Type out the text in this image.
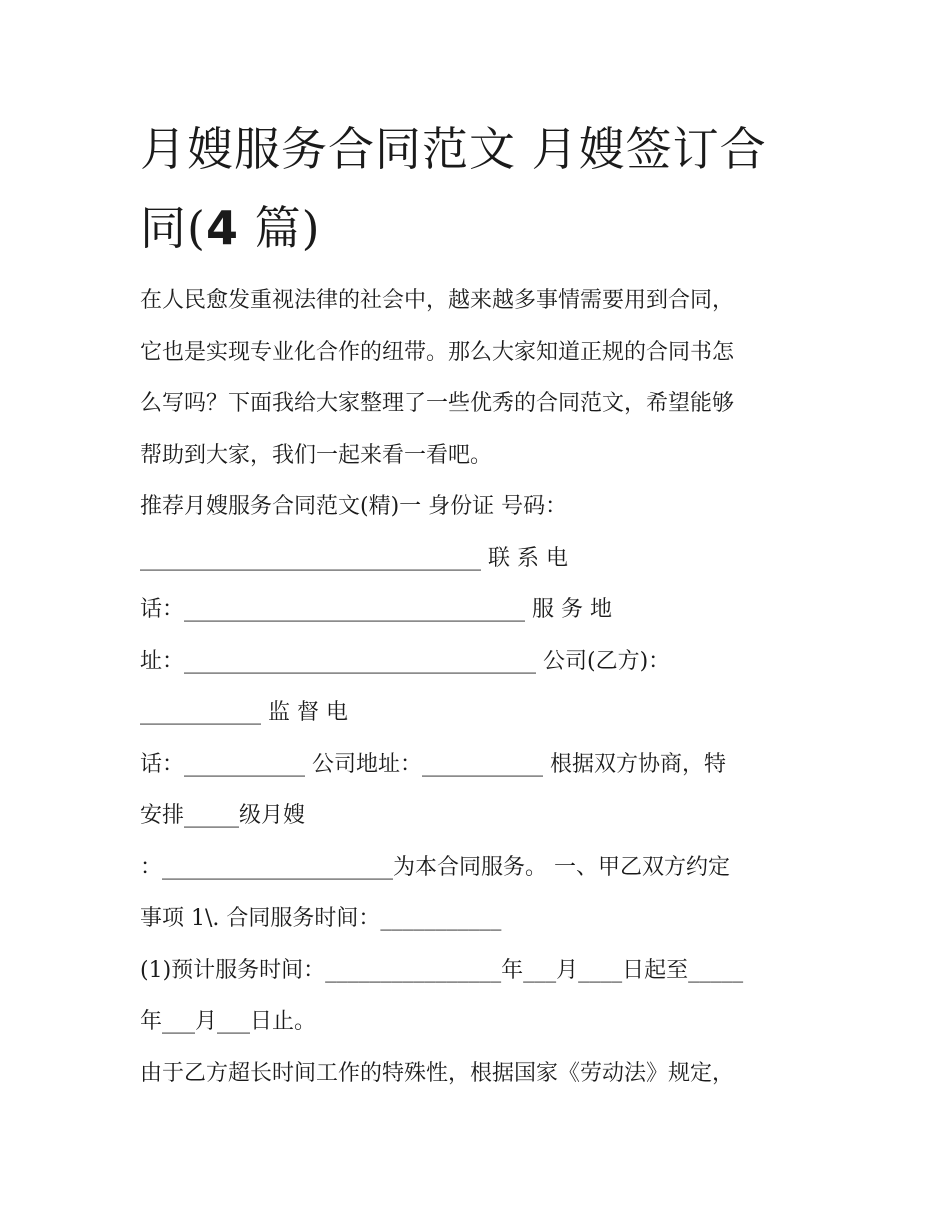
月嫂服务合同范文 月嫂签订合
同(4 篇)
在人民愈发重视法律的社会中，越来越多事情需要用到合同，
它也是实现专业化合作的纽带。那么大家知道正规的合同书怎
么写吗？下面我给大家整理了一些优秀的合同范文，希望能够
帮助到大家，我们一起来看一看吧。
推荐月嫂服务合同范文(精)一 身份证 号码：
_______________________________ 联 系 电
话：_______________________________ 服 务 地
址：________________________________ 公司(乙方)：
___________ 监 督 电
话：___________ 公司地址：___________ 根据双方协商，特
安排_____级月嫂
：_____________________为本合同服务。 一、甲乙双方约定
事项 1\. 合同服务时间：___________
(1)预计服务时间：________________年___月____日起至_____
年___月___日止。
由于乙方超长时间工作的特殊性，根据国家《劳动法》规定，
